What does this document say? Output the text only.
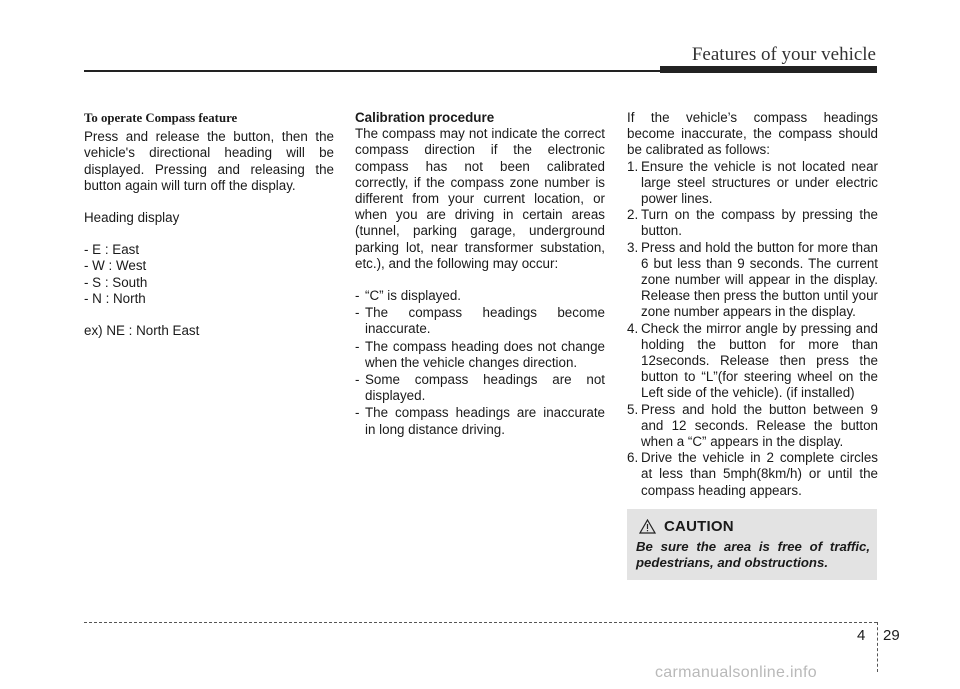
Features of your vehicle

To operate Compass feature

Press and release the button, then the vehicle's directional heading will be displayed. Pressing and releasing the button again will turn off the display.

Heading display

- E : East

- W : West

- S : South

- N : North

ex) NE : North East

Calibration procedure

The compass may not indicate the correct compass direction if the electronic compass has not been calibrated correctly, if the compass zone number is different from your current location, or when you are driving in certain areas (tunnel, parking garage, underground parking lot, near transformer substation, etc.), and the following may occur:

- “C” is displayed.

- The compass headings become inaccurate.

- The compass heading does not change when the vehicle changes direction.

- Some compass headings are not displayed.

- The compass headings are inaccurate in long distance driving.

If the vehicle’s compass headings become inaccurate, the compass should be calibrated as follows:

1. Ensure the vehicle is not located near large steel structures or under electric power lines.

2. Turn on the compass by pressing the button.

3. Press and hold the button for more than 6 but less than 9 seconds. The current zone number will appear in the display. Release then press the button until your zone number appears in the display.

4. Check the mirror angle by pressing and holding the button for more than 12seconds. Release then press the button to “L”(for steering wheel on the Left side of the vehicle). (if installed)

5. Press and hold the button between 9 and 12 seconds. Release the button when a “C” appears in the display.

6. Drive the vehicle in 2 complete circles at less than 5mph(8km/h) or until the compass heading appears.

CAUTION
Be sure the area is free of traffic, pedestrians, and obstructions.
4 29
carmanualsonline.info
